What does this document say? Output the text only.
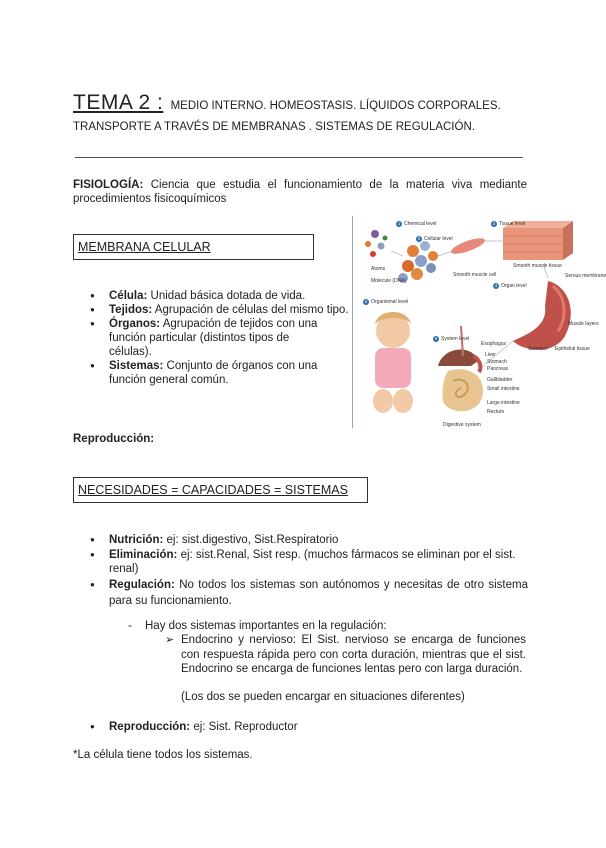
TEMA 2 : MEDIO INTERNO. HOMEOSTASIS. LÍQUIDOS CORPORALES.
TRANSPORTE A TRAVÉS DE MEMBRANAS . SISTEMAS DE REGULACIÓN.
FISIOLOGÍA: Ciencia que estudia el funcionamiento de la materia viva mediante procedimientos fisicoquímicos
MEMBRANA CELULAR
● Célula: Unidad básica dotada de vida.
● Tejidos: Agrupación de células del mismo tipo.
● Órganos: Agrupación de tejidos con una función particular (distintos tipos de células).
● Sistemas: Conjunto de órganos con una función general común.
Reproducción:
1 Chemical level
2 Cellular level
3 Tissue level
Smooth muscle tissue
Atoms
Smooth muscle cell
Molecule (DNA)
4 Organ level
Serous membrane
5 Organismal level
6 System level
Muscle layers
Epithelial tissue
Stomach
Esophagus
Liver
Stomach
Pancreas
Gallbladder
Small intestine
Large intestine
Rectum
Digestive system
NECESIDADES = CAPACIDADES = SISTEMAS
● Nutrición: ej: sist.digestivo, Sist.Respiratorio
● Eliminación: ej: sist.Renal, Sist resp. (muchos fármacos se eliminan por el sist. renal)
● Regulación: No todos los sistemas son autónomos y necesitas de otro sistema para su funcionamiento.
- Hay dos sistemas importantes en la regulación:
➢ Endocrino y nervioso: El Sist. nervioso se encarga de funciones con respuesta rápida pero con corta duración, mientras que el sist. Endocrino se encarga de funciones lentas pero con larga duración.
(Los dos se pueden encargar en situaciones diferentes)
● Reproducción: ej: Sist. Reproductor
*La célula tiene todos los sistemas.
